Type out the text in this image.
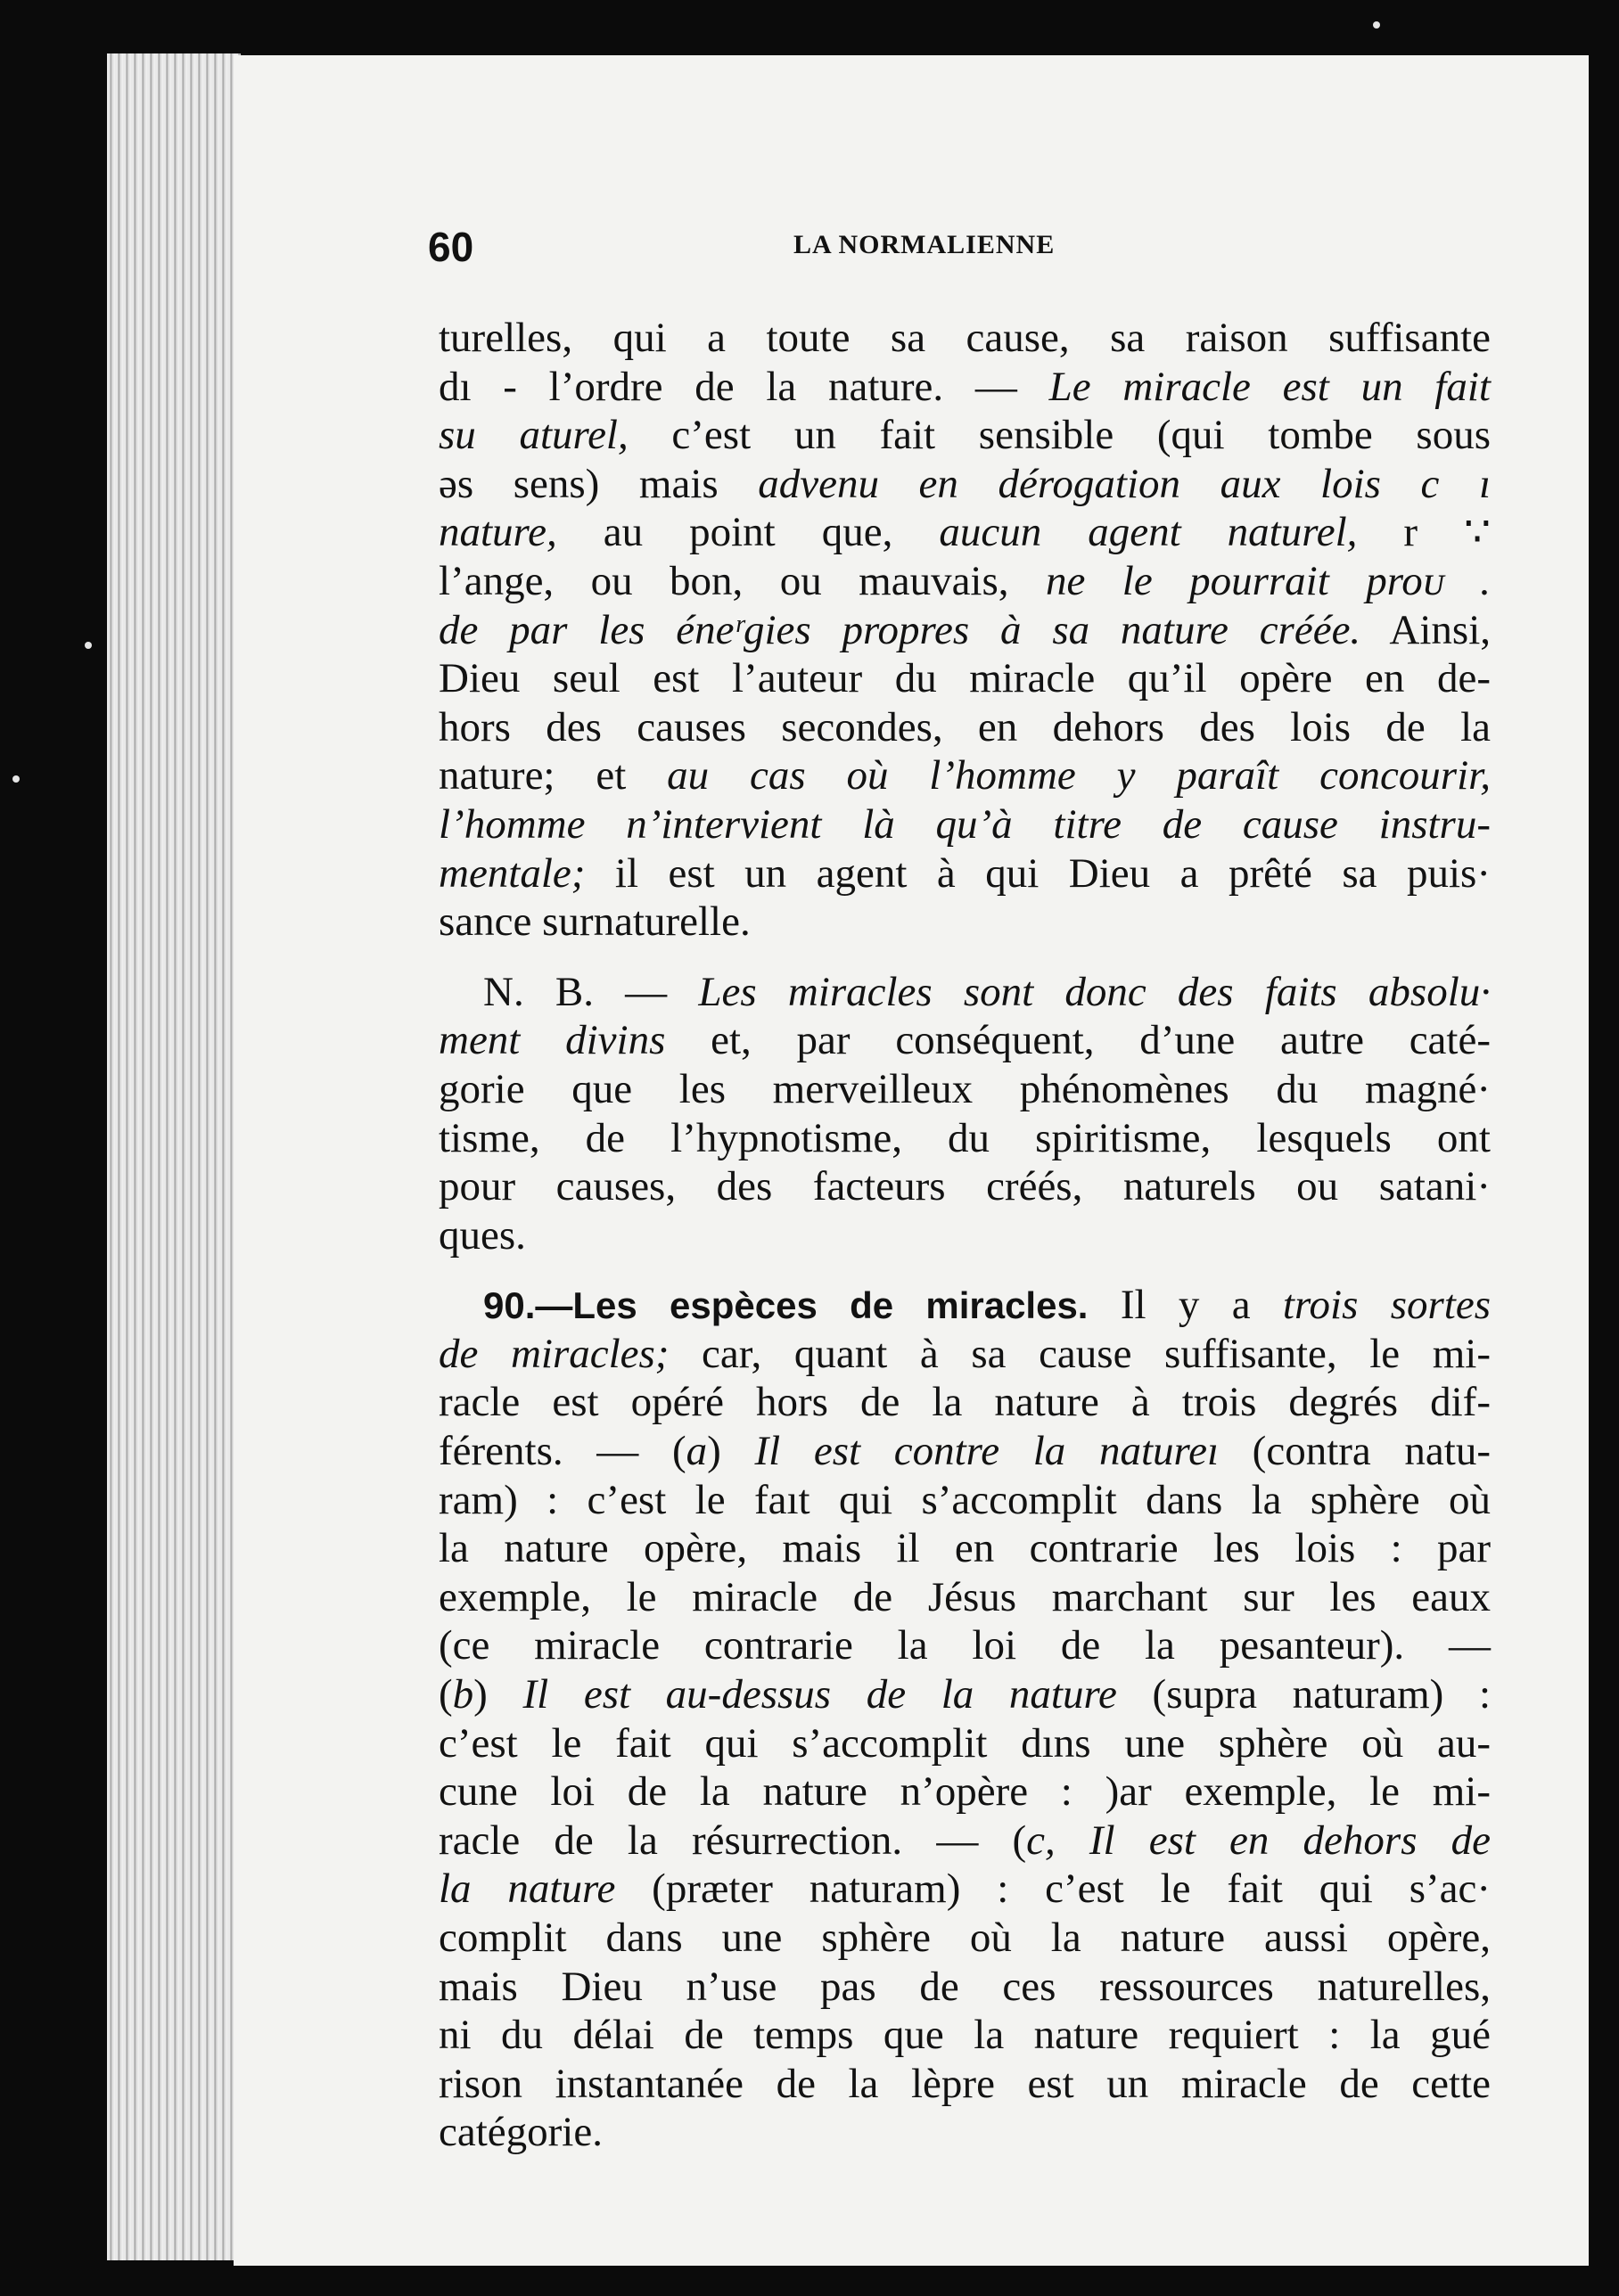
60	LA NORMALIENNE
turelles, qui a toute sa cause, sa raison suffisante
dı - l’ordre de la nature. — Le miracle est un fait
ѕu aturel, c’est un fait sensible (qui tombe sous
əs sens) mais advenu en dérogation aux lois c ı
nature, au point que, aucun agent naturel, r ∵
l’ange, ou bon, ou mauvais, ne le pourrait proᴜ .
de par les éneʳgies propres à sa nature créée. Ainsi,
Dieu seul est l’auteur du miracle qu’il opère en de-
hors des causes secondes, en dehors des lois de la
nature; et au cas où l’homme y paraît concourir,
l’homme n’intervient là qu’à titre de cause instru-
mentale; il est un agent à qui Dieu a prêté sa puis·
sance surnaturelle.
N. B. — Les miracles sont donc des faits absolu·
ment divins et, par conséquent, d’une autre caté-
gorie que les merveilleux phénomènes du magné·
tisme, de l’hypnotisme, du spiritisme, lesquels ont
pour causes, des facteurs créés, naturels ou satani·
ques.
90.—Les espèces de miracles. Il y a trois sortes
de miracles; car, quant à sa cause suffisante, le mi-
racle est opéré hors de la nature à trois degrés dif-
férents. — (a) Il est contre la natureı (contra natu-
ram) : c’est le faıt qui s’accomplit dans la sphère où
la nature opère, mais il en contrarie les lois : par
exemple, le miracle de Jésus marchant sur les eaux
(ce miracle contrarie la loi de la pesanteur). —
(b) Il est au-dessus de la nature (supra naturam) :
c’est le fait qui s’accomplit dıns une sphère où au-
cune loi de la nature n’opère : )ar exemple, le mi-
racle de la résurrection. — (c, Il est en dehors de
la nature (præter naturam) : c’est le fait qui s’ac·
complit dans une sphère où la nature aussi opère,
mais Dieu n’use pas de ces ressources naturelles,
ni du délai de temps que la nature requiert : la gué
rison instantanée de la lèpre est un miracle de cette
catégorie.
